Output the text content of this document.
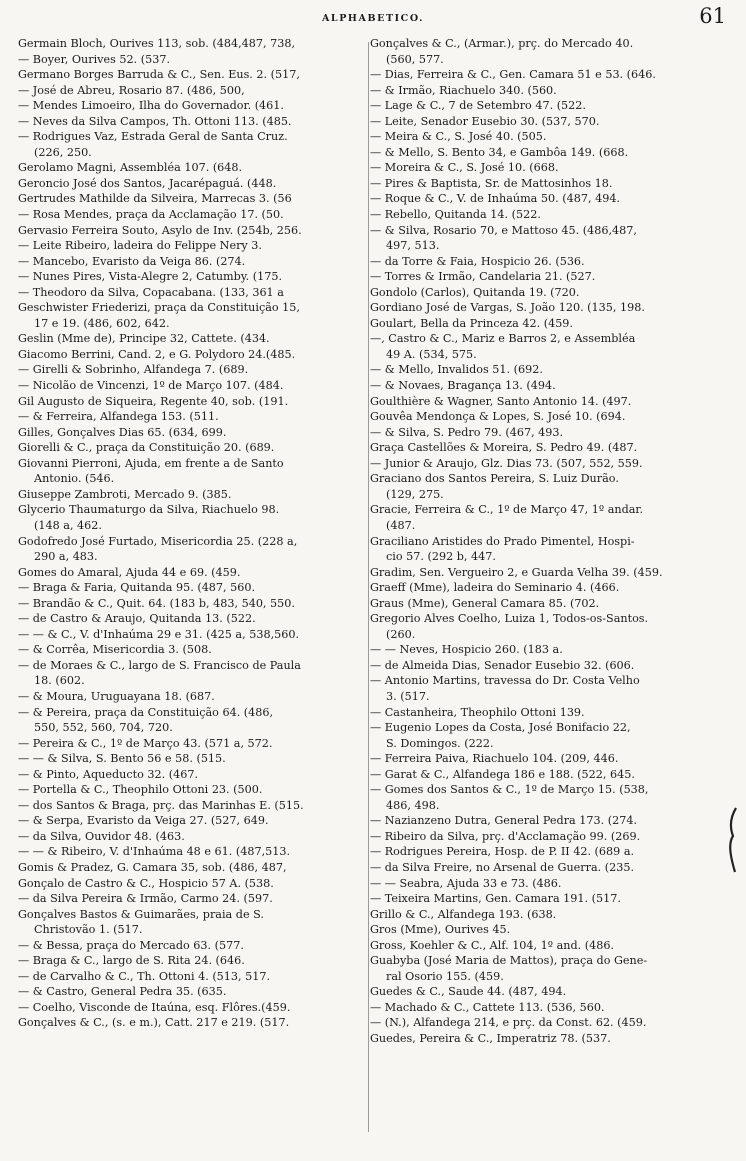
ALPHABETICO.	61
Germain Bloch, Ourives 113, sob. (484,487, 738,
— Boyer, Ourives 52. (537.
Germano Borges Barruda & C., Sen. Eus. 2. (517,
— José de Abreu, Rosario 87. (486, 500,
— Mendes Limoeiro, Ilha do Governador. (461.
— Neves da Silva Campos, Th. Ottoni 113. (485.
— Rodrigues Vaz, Estrada Geral de Santa Cruz.
(226, 250.
Gerolamo Magni, Assembléa 107. (648.
Geroncio José dos Santos, Jacarépaguá. (448.
Gertrudes Mathilde da Silveira, Marrecas 3. (56
— Rosa Mendes, praça da Acclamação 17. (50.
Gervasio Ferreira Souto, Asylo de Inv. (254b, 256.
— Leite Ribeiro, ladeira do Felippe Nery 3.
— Mancebo, Evaristo da Veiga 86. (274.
— Nunes Pires, Vista-Alegre 2, Catumby. (175.
— Theodoro da Silva, Copacabana. (133, 361 a
Geschwister Friederizi, praça da Constituição 15,
17 e 19. (486, 602, 642.
Geslin (Mme de), Principe 32, Cattete. (434.
Giacomo Berrini, Cand. 2, e G. Polydoro 24.(485.
— Girelli & Sobrinho, Alfandega 7. (689.
— Nicolão de Vincenzi, 1º de Março 107. (484.
Gil Augusto de Siqueira, Regente 40, sob. (191.
— & Ferreira, Alfandega 153. (511.
Gilles, Gonçalves Dias 65. (634, 699.
Giorelli & C., praça da Constituição 20. (689.
Giovanni Pierroni, Ajuda, em frente a de Santo
Antonio. (546.
Giuseppe Zambroti, Mercado 9. (385.
Glycerio Thaumaturgo da Silva, Riachuelo 98.
(148 a, 462.
Godofredo José Furtado, Misericordia 25. (228 a,
290 a, 483.
Gomes do Amaral, Ajuda 44 e 69. (459.
— Braga & Faria, Quitanda 95. (487, 560.
— Brandão & C., Quit. 64. (183 b, 483, 540, 550.
— de Castro & Araujo, Quitanda 13. (522.
— — & C., V. d'Inhaúma 29 e 31. (425 a, 538,560.
— & Corrêa, Misericordia 3. (508.
— de Moraes & C., largo de S. Francisco de Paula
18. (602.
— & Moura, Uruguayana 18. (687.
— & Pereira, praça da Constituição 64. (486,
550, 552, 560, 704, 720.
— Pereira & C., 1º de Março 43. (571 a, 572.
— — & Silva, S. Bento 56 e 58. (515.
— & Pinto, Aqueducto 32. (467.
— Portella & C., Theophilo Ottoni 23. (500.
— dos Santos & Braga, prç. das Marinhas E. (515.
— & Serpa, Evaristo da Veiga 27. (527, 649.
— da Silva, Ouvidor 48. (463.
— — & Ribeiro, V. d'Inhaúma 48 e 61. (487,513.
Gomis & Pradez, G. Camara 35, sob. (486, 487,
Gonçalo de Castro & C., Hospicio 57 A. (538.
— da Silva Pereira & Irmão, Carmo 24. (597.
Gonçalves Bastos & Guimarães, praia de S.
Christovão 1. (517.
— & Bessa, praça do Mercado 63. (577.
— Braga & C., largo de S. Rita 24. (646.
— de Carvalho & C., Th. Ottoni 4. (513, 517.
— & Castro, General Pedra 35. (635.
— Coelho, Visconde de Itaúna, esq. Flôres.(459.
Gonçalves & C., (s. e m.), Catt. 217 e 219. (517.
Gonçalves & C., (Armar.), prç. do Mercado 40.
(560, 577.
— Dias, Ferreira & C., Gen. Camara 51 e 53. (646.
— & Irmão, Riachuelo 340. (560.
— Lage & C., 7 de Setembro 47. (522.
— Leite, Senador Eusebio 30. (537, 570.
— Meira & C., S. José 40. (505.
— & Mello, S. Bento 34, e Gambôa 149. (668.
— Moreira & C., S. José 10. (668.
— Pires & Baptista, Sr. de Mattosinhos 18.
— Roque & C., V. de Inhaúma 50. (487, 494.
— Rebello, Quitanda 14. (522.
— & Silva, Rosario 70, e Mattoso 45. (486,487,
497, 513.
— da Torre & Faia, Hospicio 26. (536.
— Torres & Irmão, Candelaria 21. (527.
Gondolo (Carlos), Quitanda 19. (720.
Gordiano José de Vargas, S. João 120. (135, 198.
Goulart, Bella da Princeza 42. (459.
—, Castro & C., Mariz e Barros 2, e Assembléa
49 A. (534, 575.
— & Mello, Invalidos 51. (692.
— & Novaes, Bragança 13. (494.
Goulthière & Wagner, Santo Antonio 14. (497.
Gouvêa Mendonça & Lopes, S. José 10. (694.
— & Silva, S. Pedro 79. (467, 493.
Graça Castellões & Moreira, S. Pedro 49. (487.
— Junior & Araujo, Glz. Dias 73. (507, 552, 559.
Graciano dos Santos Pereira, S. Luiz Durão.
(129, 275.
Gracie, Ferreira & C., 1º de Março 47, 1º andar.
(487.
Graciliano Aristides do Prado Pimentel, Hospi-
cio 57. (292 b, 447.
Gradim, Sen. Vergueiro 2, e Guarda Velha 39. (459.
Graeff (Mme), ladeira do Seminario 4. (466.
Graus (Mme), General Camara 85. (702.
Gregorio Alves Coelho, Luiza 1, Todos-os-Santos.
(260.
— — Neves, Hospicio 260. (183 a.
— de Almeida Dias, Senador Eusebio 32. (606.
— Antonio Martins, travessa do Dr. Costa Velho
3. (517.
— Castanheira, Theophilo Ottoni 139.
— Eugenio Lopes da Costa, José Bonifacio 22,
S. Domingos. (222.
— Ferreira Paiva, Riachuelo 104. (209, 446.
— Garat & C., Alfandega 186 e 188. (522, 645.
— Gomes dos Santos & C., 1º de Março 15. (538,
486, 498.
— Nazianzeno Dutra, General Pedra 173. (274.
— Ribeiro da Silva, prç. d'Acclamação 99. (269.
— Rodrigues Pereira, Hosp. de P. II 42. (689 a.
— da Silva Freire, no Arsenal de Guerra. (235.
— — Seabra, Ajuda 33 e 73. (486.
— Teixeira Martins, Gen. Camara 191. (517.
Grillo & C., Alfandega 193. (638.
Gros (Mme), Ourives 45.
Gross, Koehler & C., Alf. 104, 1º and. (486.
Guabyba (José Maria de Mattos), praça do Gene-
ral Osorio 155. (459.
Guedes & C., Saude 44. (487, 494.
— Machado & C., Cattete 113. (536, 560.
— (N.), Alfandega 214, e prç. da Const. 62. (459.
Guedes, Pereira & C., Imperatriz 78. (537.
